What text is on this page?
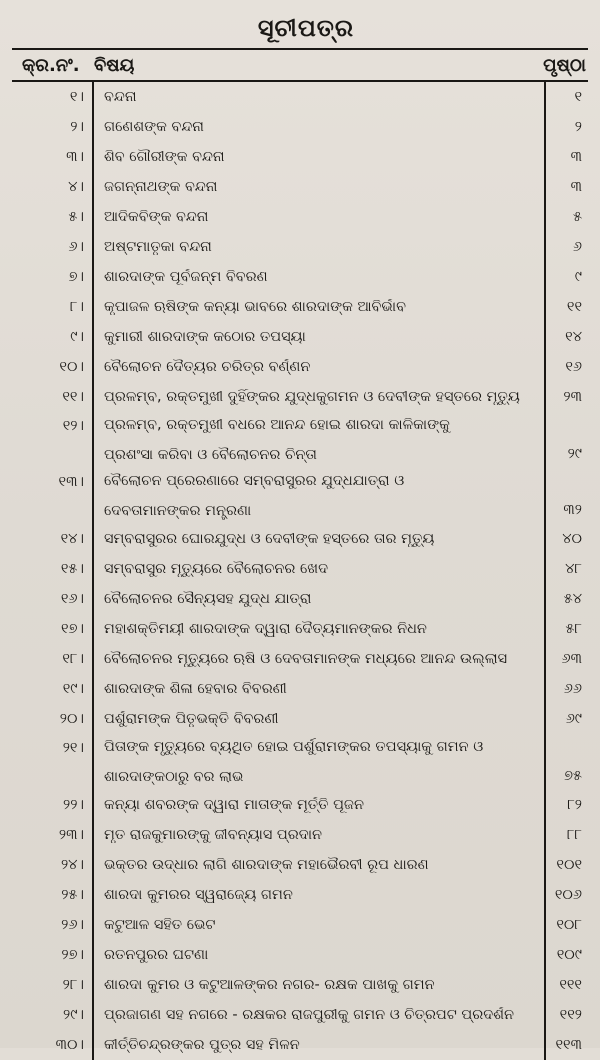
ସୂଚୀପତ୍ର
କ୍ର.ନଂ. ବିଷୟ	ପୃଷ୍ଠା
୧।	ବନ୍ଦନା	୧
୨।	ଗଣେଶଙ୍କ ବନ୍ଦନା	୨
୩।	ଶିବ ଗୌରୀଙ୍କ ବନ୍ଦନା	୩
୪।	ଜଗନ୍ନାଥଙ୍କ ବନ୍ଦନା	୩
୫।	ଆଦିକବିଙ୍କ ବନ୍ଦନା	୫
୬।	ଅଷ୍ଟମାତୃକା ବନ୍ଦନା	୬
୭।	ଶାରଦାଙ୍କ ପୂର୍ବଜନ୍ମ ବିବରଣ	୯
୮।	କୃପାଜଳ ଋଷିଙ୍କ କନ୍ୟା ଭାବରେ ଶାରଦାଙ୍କ ଆବିର୍ଭାବ	୧୧
୯।	କୁମାରୀ ଶାରଦାଙ୍କ କଠୋର ତପସ୍ୟା	୧୪
୧୦।	ବୈଲୋଚନ ଦୈତ୍ୟର ଚରିତ୍ର ବର୍ଣ୍ଣନ	୧୬
୧୧।	ପ୍ରଳମ୍ବ, ରକ୍ତମୁଖୀ ଦୁହିଁଙ୍କର ଯୁଦ୍ଧକୁଗମନ ଓ ଦେବୀଙ୍କ ହସ୍ତରେ ମୃତ୍ୟୁ	୨୩
୧୨।	ପ୍ରଳମ୍ବ, ରକ୍ତମୁଖୀ ବଧରେ ଆନନ୍ଦ ହୋଇ ଶାରଦା କାଳିକାଙ୍କୁ
ପ୍ରଶଂସା କରିବା ଓ ବୈଲୋଚନର ଚିନ୍ତା	୨୯
୧୩।	ବୈଲୋଚନ ପ୍ରେରଣାରେ ସମ୍ବରାସୁରର ଯୁଦ୍ଧଯାତ୍ରା ଓ
ଦେବତାମାନଙ୍କର ମନ୍ତ୍ରଣା	୩୨
୧୪।	ସମ୍ବରାସୁରର ଘୋରଯୁଦ୍ଧ ଓ ଦେବୀଙ୍କ ହସ୍ତରେ ତାର ମୃତ୍ୟୁ	୪୦
୧୫।	ସମ୍ବରାସୁର ମୃତ୍ୟୁରେ ବୈଲୋଚନର ଖେଦ	୪୮
୧୬।	ବୈଲୋଚନର ସୈନ୍ୟସହ ଯୁଦ୍ଧ ଯାତ୍ରା	୫୪
୧୭।	ମହାଶକ୍ତିମୟୀ ଶାରଦାଙ୍କ ଦ୍ୱାରା ଦୈତ୍ୟମାନଙ୍କର ନିଧନ	୫୮
୧୮।	ବୈଲୋଚନର ମୃତ୍ୟୁରେ ଋଷି ଓ ଦେବତାମାନଙ୍କ ମଧ୍ୟରେ ଆନନ୍ଦ ଉଲ୍ଲାସ	୬୩
୧୯।	ଶାରଦାଙ୍କ ଶିଳା ହେବାର ବିବରଣୀ	୬୬
୨୦।	ପର୍ଶୁରାମଙ୍କ ପିତୃଭକ୍ତି ବିବରଣୀ	୬୯
୨୧।	ପିତାଙ୍କ ମୃତ୍ୟୁରେ ବ୍ୟଥିତ ହୋଇ ପର୍ଶୁରାମଙ୍କର ତପସ୍ୟାକୁ ଗମନ ଓ
ଶାରଦାଙ୍କଠାରୁ ବର ଲାଭ	୭୫
୨୨।	କନ୍ୟା ଶବରଙ୍କ ଦ୍ୱାରା ମାତାଙ୍କ ମୂର୍ତ୍ତି ପୂଜନ	୮୨
୨୩।	ମୃତ ରାଜକୁମାରଙ୍କୁ ଜୀବନ୍ୟାସ ପ୍ରଦାନ	୮୮
୨୪।	ଭକ୍ତର ଉଦ୍ଧାର ଲାଗି ଶାରଦାଙ୍କ ମହାଭୈରବୀ ରୂପ ଧାରଣ	୧୦୧
୨୫।	ଶାରଦା କୁମରର ସ୍ୱରାଜ୍ୟେ ଗମନ	୧୦୬
୨୬।	କଟୁଆଳ ସହିତ ଭେଟ	୧୦୮
୨୭।	ରତନପୁରର ଘଟଣା	୧୦୯
୨୮।	ଶାରଦା କୁମର ଓ କଟୁଆଳଙ୍କର ନଗର- ରକ୍ଷକ ପାଖକୁ ଗମନ	୧୧୧
୨୯।	ପ୍ରଜାଗଣ ସହ ନଗରେ - ରକ୍ଷକର ରାଜପୁରୀକୁ ଗମନ ଓ ଚିତ୍ରପଟ ପ୍ରଦର୍ଶନ	୧୧୨
୩୦।	କୀର୍ତ୍ତିଚନ୍ଦ୍ରଙ୍କର ପୁତ୍ର ସହ ମିଳନ	୧୧୩
